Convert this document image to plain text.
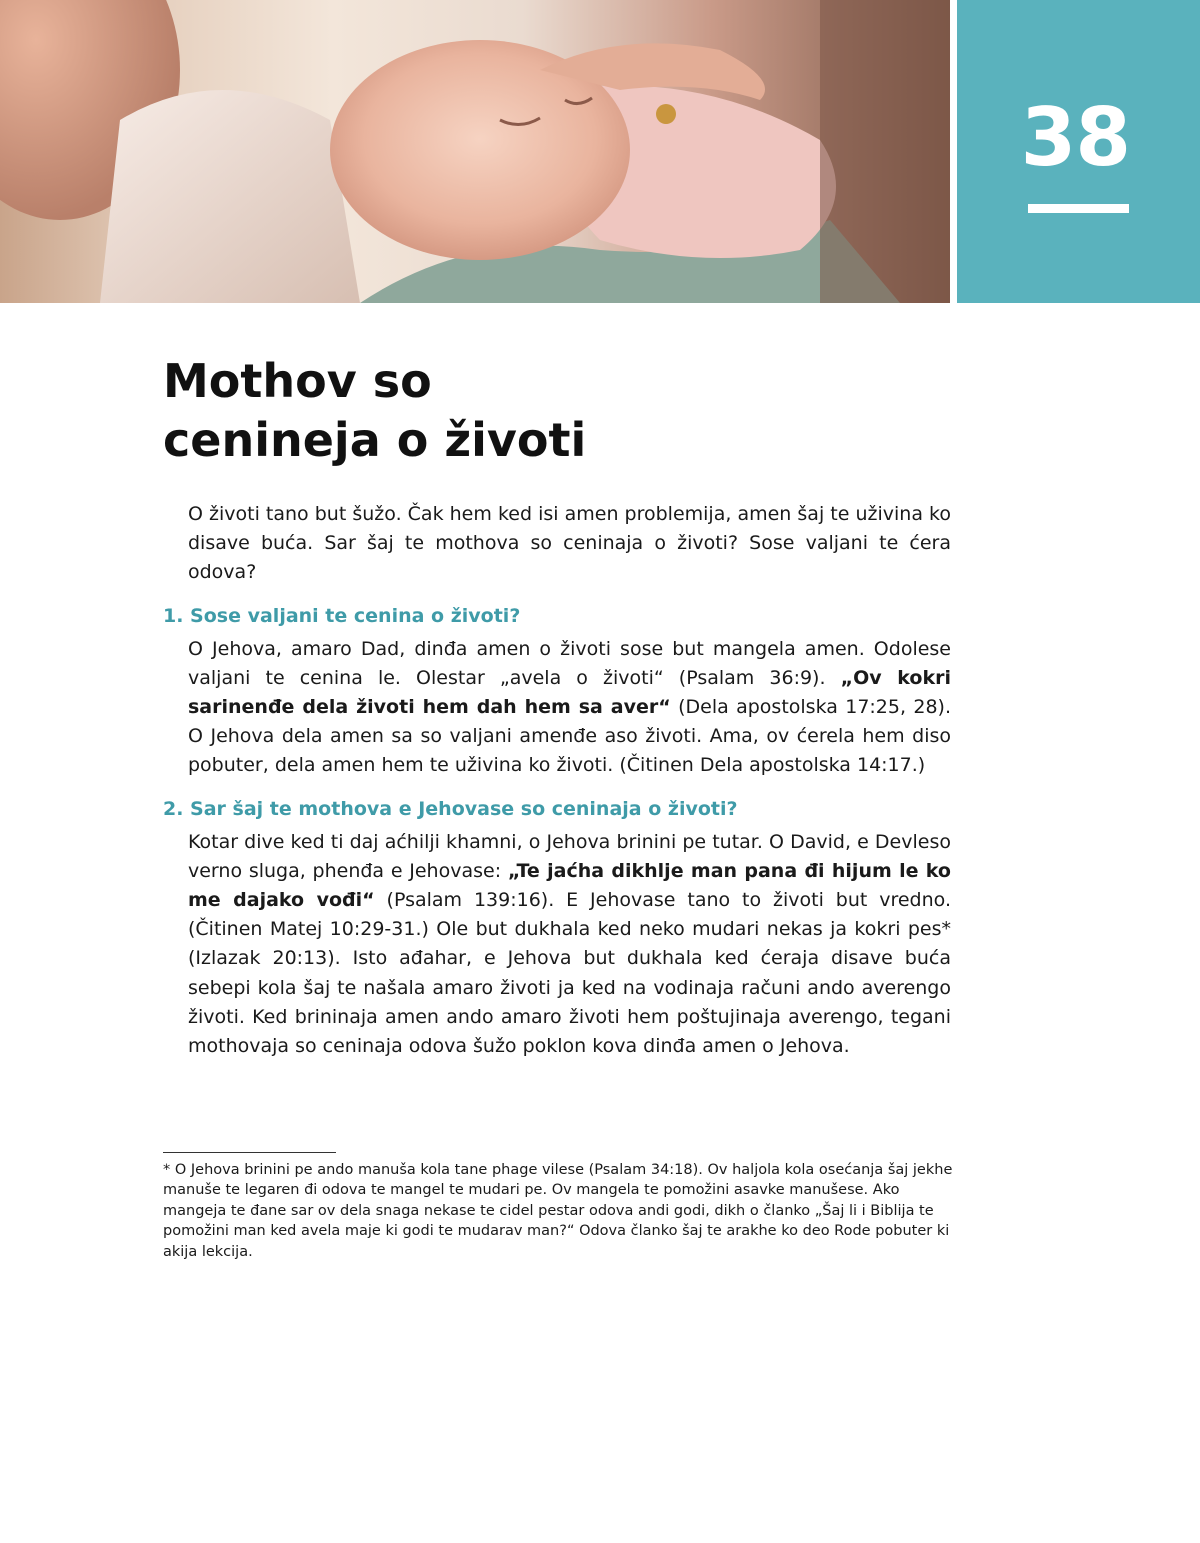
38
Mothov so
cenineja o životi

O životi tano but šužo. Čak hem ked isi amen problemija, amen šaj te uživina ko disave bućа. Sar šaj te mothova so ceninaja o životi? Sose valjani te ćera odova?

1. Sose valjani te cenina o životi?

O Jehova, amaro Dad, dinđa amen o životi sose but mangela amen. Odolese valjani te cenina le. Olestar „avela o životi“ (Psalam 36:9). „Ov kokri sarinenđe dela životi hem dah hem sa aver“ (Dela apostolska 17:25, 28). O Jehova dela amen sa so valjani amenđe aso životi. Ama, ov ćerela hem diso pobuter, dela amen hem te uživina ko životi. (Čitinen Dela apostolska 14:17.)

2. Sar šaj te mothova e Jehovase so ceninaja o životi?

Kotar dive ked ti daj aćhilji khamni, o Jehova brinini pe tutar. O David, e Devleso verno sluga, phenđa e Jehovase: „Te jaćha dikhlje man pana đi hijum le ko me dajako vođi“ (Psalam 139:16). E Jehovase tano to životi but vredno. (Čitinen Matej 10:29-31.) Ole but dukhala ked neko mudari nekas ja kokri pes* (Izlazak 20:13). Isto ađahar, e Jehova but dukhala ked ćeraja disave bućа sebepi kola šaj te našala amaro životi ja ked na vodinaja računi ando averengo životi. Ked brininaja amen ando amaro životi hem poštujinaja averengo, tegani mothovaja so ceninaja odova šužo poklon kova dinđa amen o Jehova.

* O Jehova brinini pe ando manuša kola tane phage vilese (Psalam 34:18). Ov haljola kola osećanja šaj jekhe manuše te legaren đi odova te mangel te mudari pe. Ov mangela te pomožini asavke manušese. Ako mangeja te đane sar ov dela snaga nekase te cidel pestar odova andi godi, dikh o članko „Šaj li i Biblija te pomožini man ked avela maje ki godi te mudarav man?“ Odova članko šaj te arakhe ko deo Rode pobuter ki akija lekcija.
